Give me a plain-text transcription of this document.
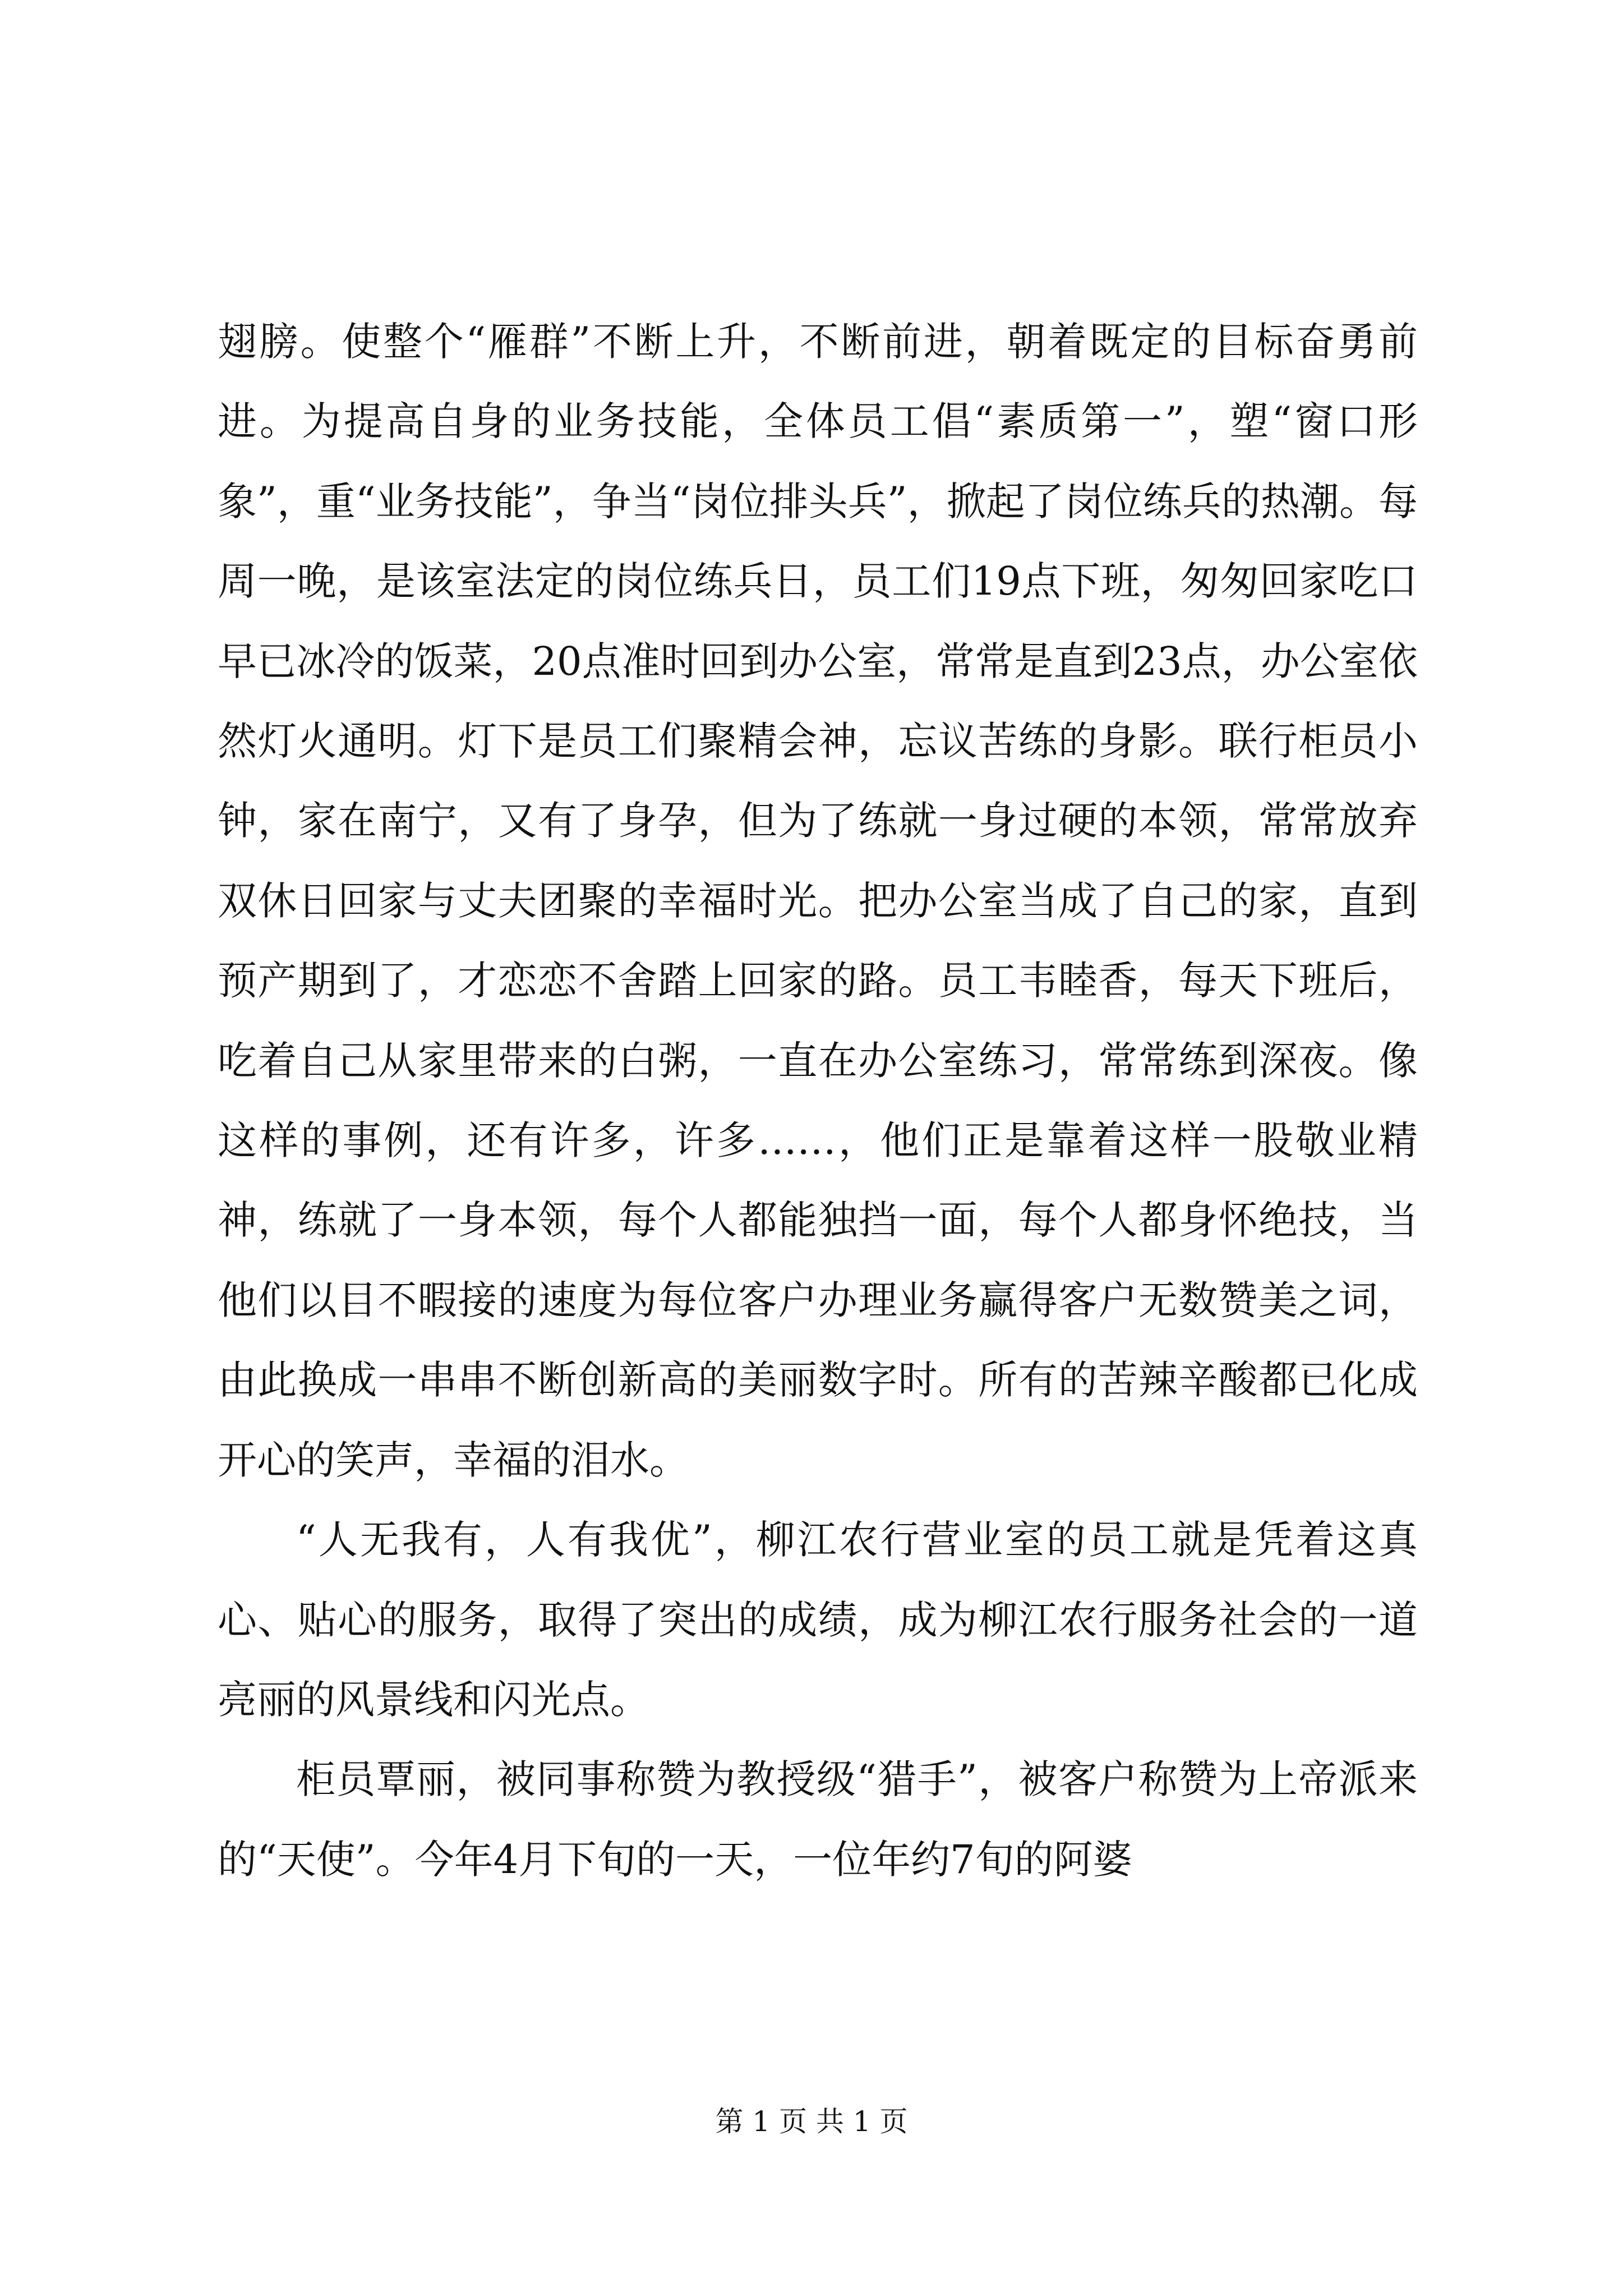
翅膀。使整个“雁群”不断上升，不断前进，朝着既定的目标奋勇前进。为提高自身的业务技能，全体员工倡“素质第一”，塑“窗口形象”，重“业务技能”，争当“岗位排头兵”，掀起了岗位练兵的热潮。每周一晚，是该室法定的岗位练兵日，员工们19点下班，匆匆回家吃口早已冰冷的饭菜，20点准时回到办公室，常常是直到23点，办公室依然灯火通明。灯下是员工们聚精会神，忘议苦练的身影。联行柜员小钟，家在南宁，又有了身孕，但为了练就一身过硬的本领，常常放弃双休日回家与丈夫团聚的幸福时光。把办公室当成了自己的家，直到预产期到了，才恋恋不舍踏上回家的路。员工韦睦香，每天下班后，吃着自己从家里带来的白粥，一直在办公室练习，常常练到深夜。像这样的事例，还有许多，许多……，他们正是靠着这样一股敬业精神，练就了一身本领，每个人都能独挡一面，每个人都身怀绝技，当他们以目不暇接的速度为每位客户办理业务赢得客户无数赞美之词，由此换成一串串不断创新高的美丽数字时。所有的苦辣辛酸都已化成开心的笑声，幸福的泪水。

“人无我有，人有我优”，柳江农行营业室的员工就是凭着这真心、贴心的服务，取得了突出的成绩，成为柳江农行服务社会的一道亮丽的风景线和闪光点。

柜员覃丽，被同事称赞为教授级“猎手”，被客户称赞为上帝派来的“天使”。今年4月下旬的一天，一位年约7旬的阿婆

第 1 页 共 1 页
